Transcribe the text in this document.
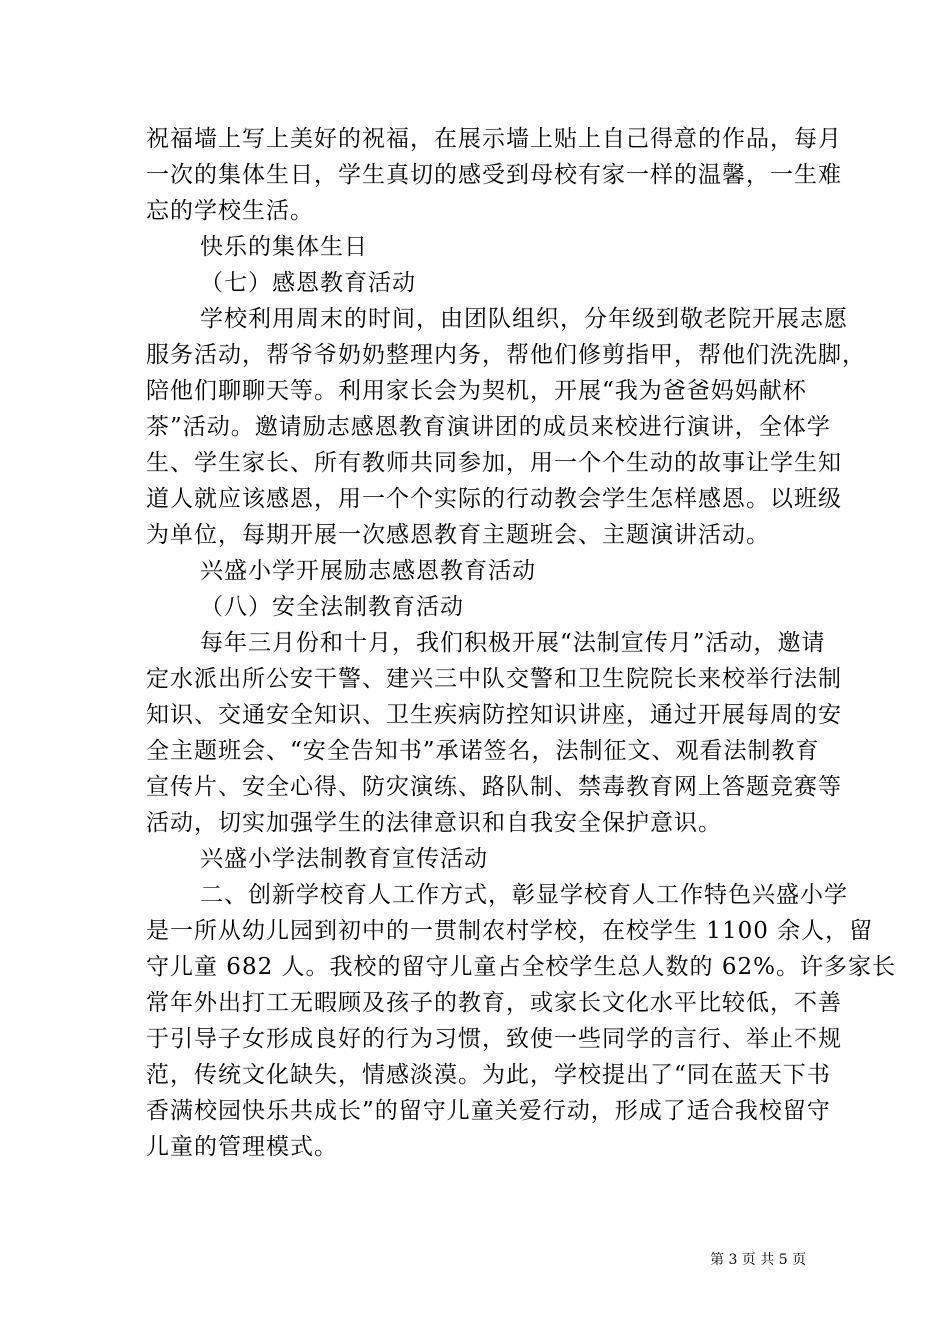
祝福墙上写上美好的祝福，在展示墙上贴上自己得意的作品，每月
一次的集体生日，学生真切的感受到母校有家一样的温馨，一生难
忘的学校生活。
快乐的集体生日
（七）感恩教育活动
学校利用周末的时间，由团队组织，分年级到敬老院开展志愿
服务活动，帮爷爷奶奶整理内务，帮他们修剪指甲，帮他们洗洗脚，
陪他们聊聊天等。利用家长会为契机，开展“我为爸爸妈妈献杯
茶”活动。邀请励志感恩教育演讲团的成员来校进行演讲，全体学
生、学生家长、所有教师共同参加，用一个个生动的故事让学生知
道人就应该感恩，用一个个实际的行动教会学生怎样感恩。以班级
为单位，每期开展一次感恩教育主题班会、主题演讲活动。
兴盛小学开展励志感恩教育活动
（八）安全法制教育活动
每年三月份和十月，我们积极开展“法制宣传月”活动，邀请
定水派出所公安干警、建兴三中队交警和卫生院院长来校举行法制
知识、交通安全知识、卫生疾病防控知识讲座，通过开展每周的安
全主题班会、“安全告知书”承诺签名，法制征文、观看法制教育
宣传片、安全心得、防灾演练、路队制、禁毒教育网上答题竞赛等
活动，切实加强学生的法律意识和自我安全保护意识。
兴盛小学法制教育宣传活动
二、创新学校育人工作方式，彰显学校育人工作特色兴盛小学
是一所从幼儿园到初中的一贯制农村学校，在校学生 1100 余人，留
守儿童 682 人。我校的留守儿童占全校学生总人数的 62%。许多家长
常年外出打工无暇顾及孩子的教育，或家长文化水平比较低，不善
于引导子女形成良好的行为习惯，致使一些同学的言行、举止不规
范，传统文化缺失，情感淡漠。为此，学校提出了“同在蓝天下书
香满校园快乐共成长”的留守儿童关爱行动，形成了适合我校留守
儿童的管理模式。
第 3 页 共 5 页
